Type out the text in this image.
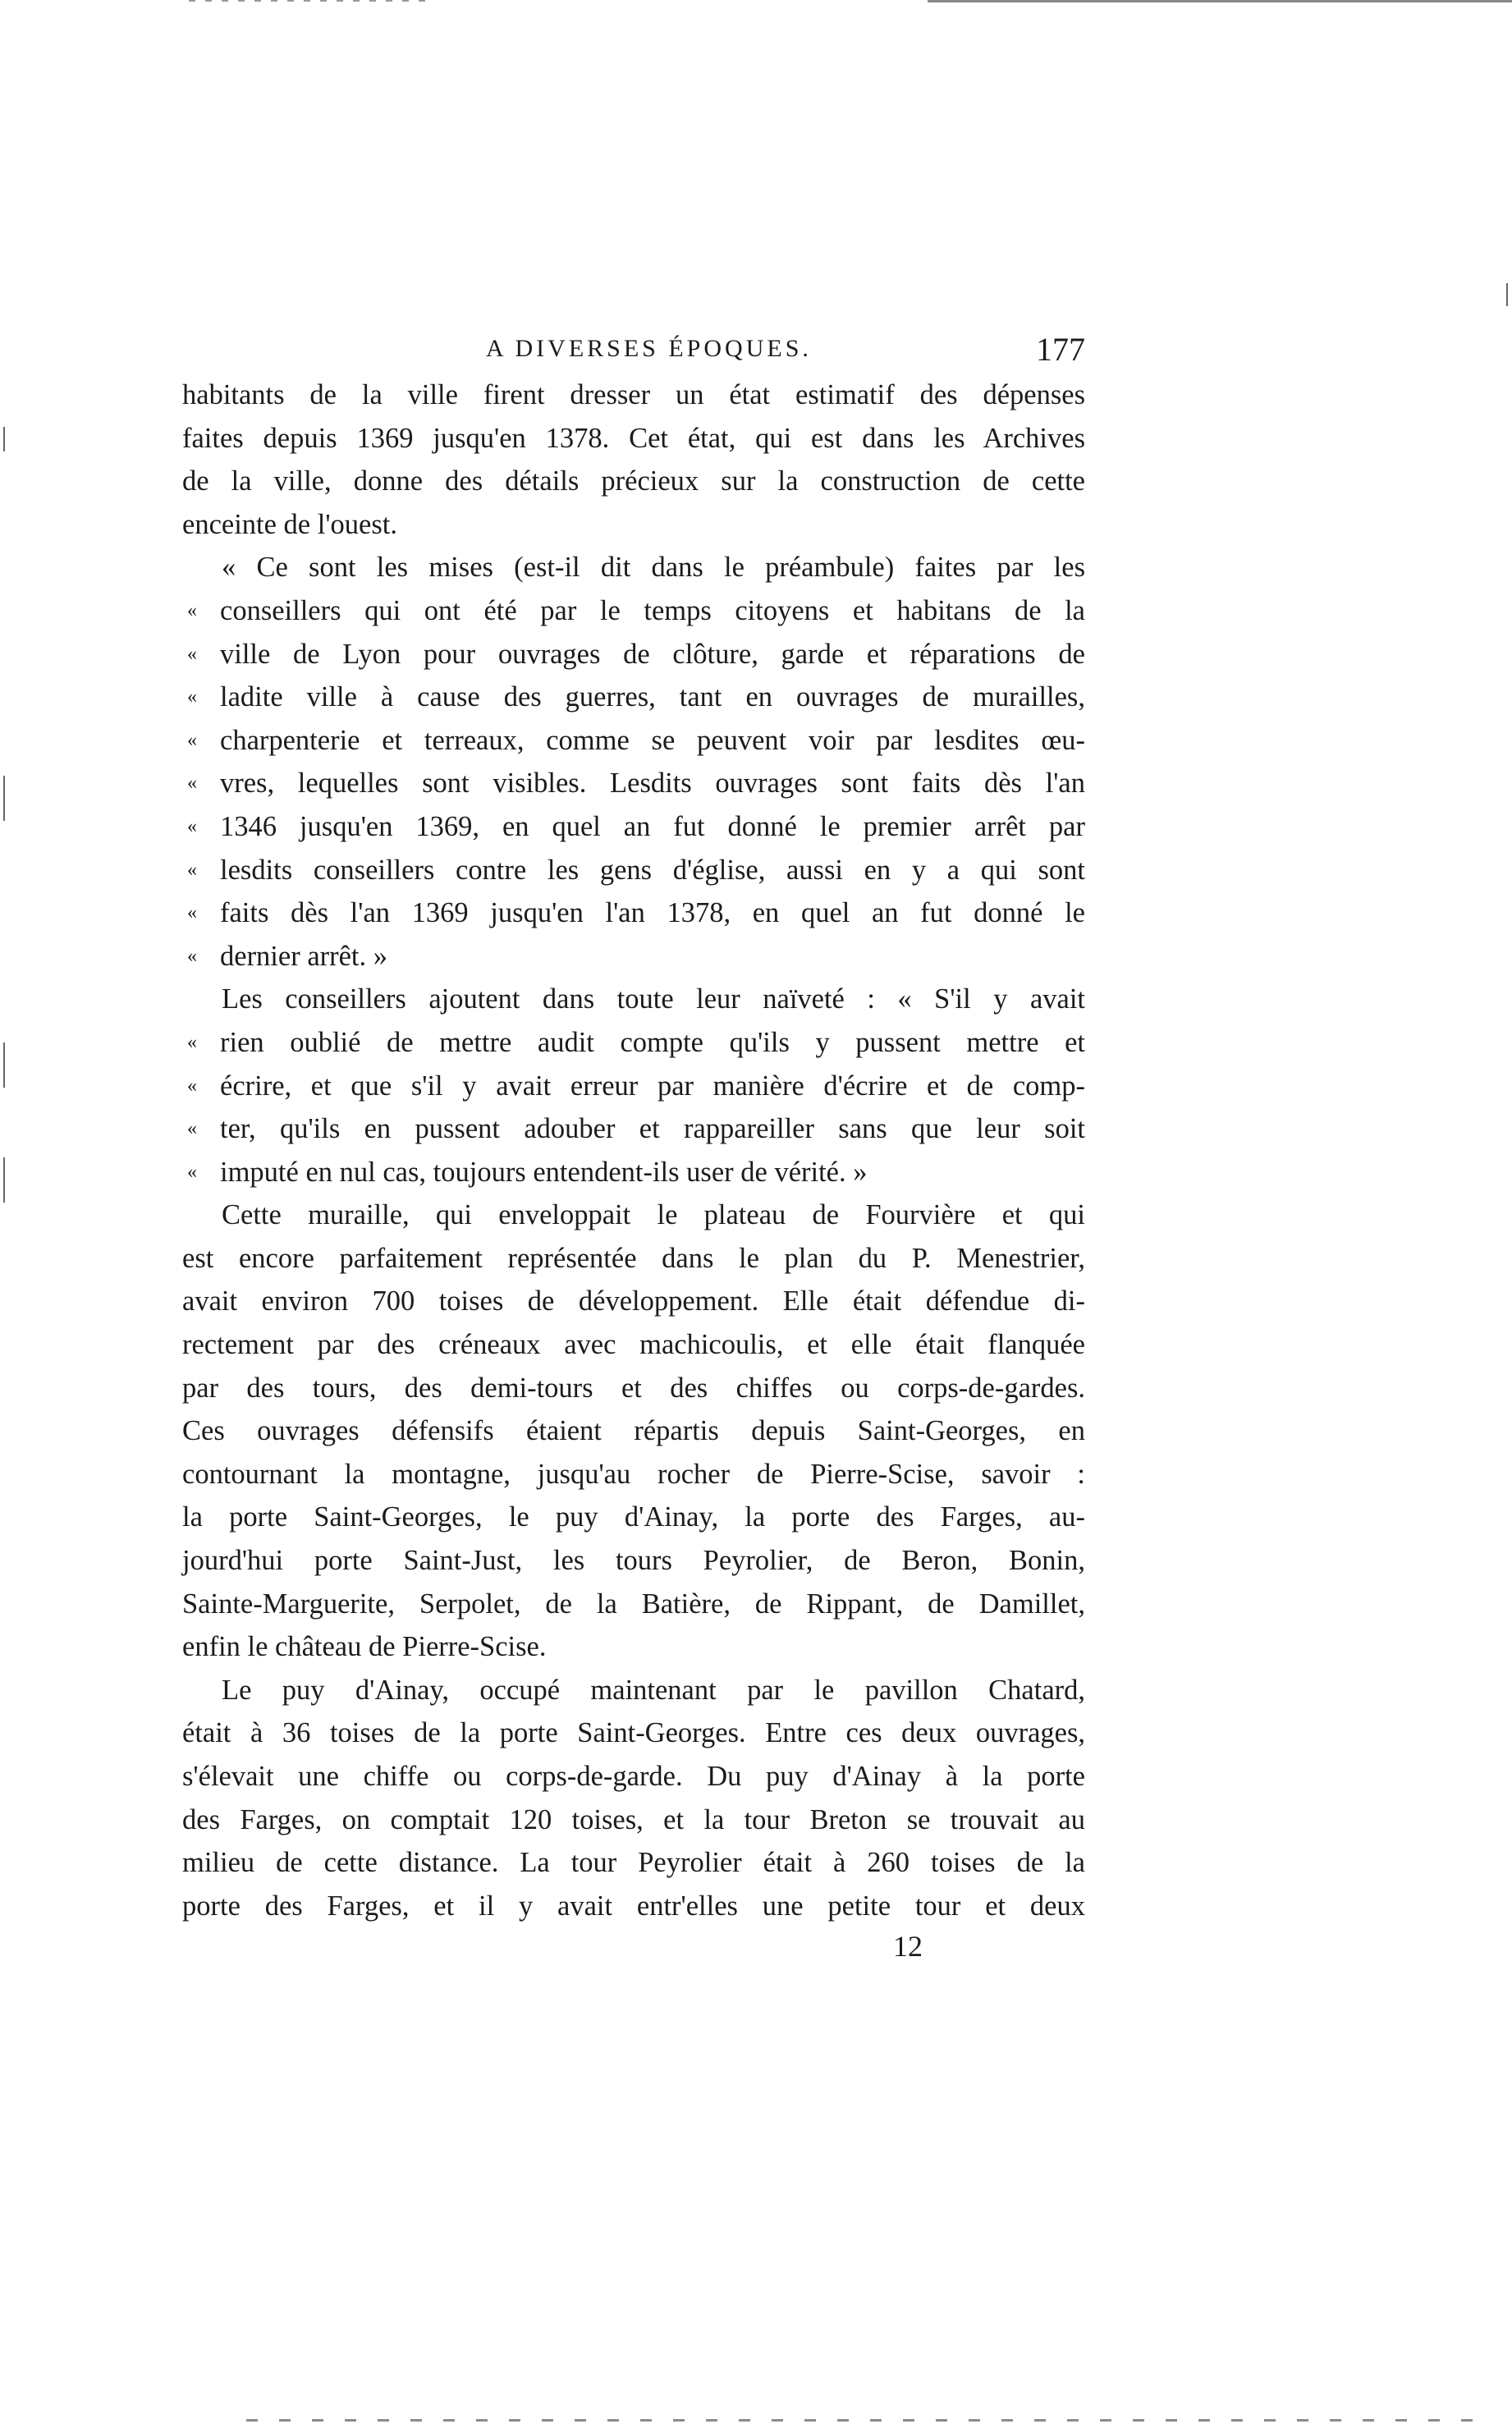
A DIVERSES ÉPOQUES.	177
habitants de la ville firent dresser un état estimatif des dépenses
faites depuis 1369 jusqu'en 1378. Cet état, qui est dans les Archives
de la ville, donne des détails précieux sur la construction de cette
enceinte de l'ouest.
« Ce sont les mises (est-il dit dans le préambule) faites par les
« conseillers qui ont été par le temps citoyens et habitans de la
« ville de Lyon pour ouvrages de clôture, garde et réparations de
« ladite ville à cause des guerres, tant en ouvrages de murailles,
« charpenterie et terreaux, comme se peuvent voir par lesdites œu-
« vres, lequelles sont visibles. Lesdits ouvrages sont faits dès l'an
« 1346 jusqu'en 1369, en quel an fut donné le premier arrêt par
« lesdits conseillers contre les gens d'église, aussi en y a qui sont
« faits dès l'an 1369 jusqu'en l'an 1378, en quel an fut donné le
« dernier arrêt. »
Les conseillers ajoutent dans toute leur naïveté : « S'il y avait
« rien oublié de mettre audit compte qu'ils y pussent mettre et
« écrire, et que s'il y avait erreur par manière d'écrire et de comp-
« ter, qu'ils en pussent adouber et rappareiller sans que leur soit
« imputé en nul cas, toujours entendent-ils user de vérité. »
Cette muraille, qui enveloppait le plateau de Fourvière et qui
est encore parfaitement représentée dans le plan du P. Menestrier,
avait environ 700 toises de développement. Elle était défendue di-
rectement par des créneaux avec machicoulis, et elle était flanquée
par des tours, des demi-tours et des chiffes ou corps-de-gardes.
Ces ouvrages défensifs étaient répartis depuis Saint-Georges, en
contournant la montagne, jusqu'au rocher de Pierre-Scise, savoir :
la porte Saint-Georges, le puy d'Ainay, la porte des Farges, au-
jourd'hui porte Saint-Just, les tours Peyrolier, de Beron, Bonin,
Sainte-Marguerite, Serpolet, de la Batière, de Rippant, de Damillet,
enfin le château de Pierre-Scise.
Le puy d'Ainay, occupé maintenant par le pavillon Chatard,
était à 36 toises de la porte Saint-Georges. Entre ces deux ouvrages,
s'élevait une chiffe ou corps-de-garde. Du puy d'Ainay à la porte
des Farges, on comptait 120 toises, et la tour Breton se trouvait au
milieu de cette distance. La tour Peyrolier était à 260 toises de la
porte des Farges, et il y avait entr'elles une petite tour et deux
12
